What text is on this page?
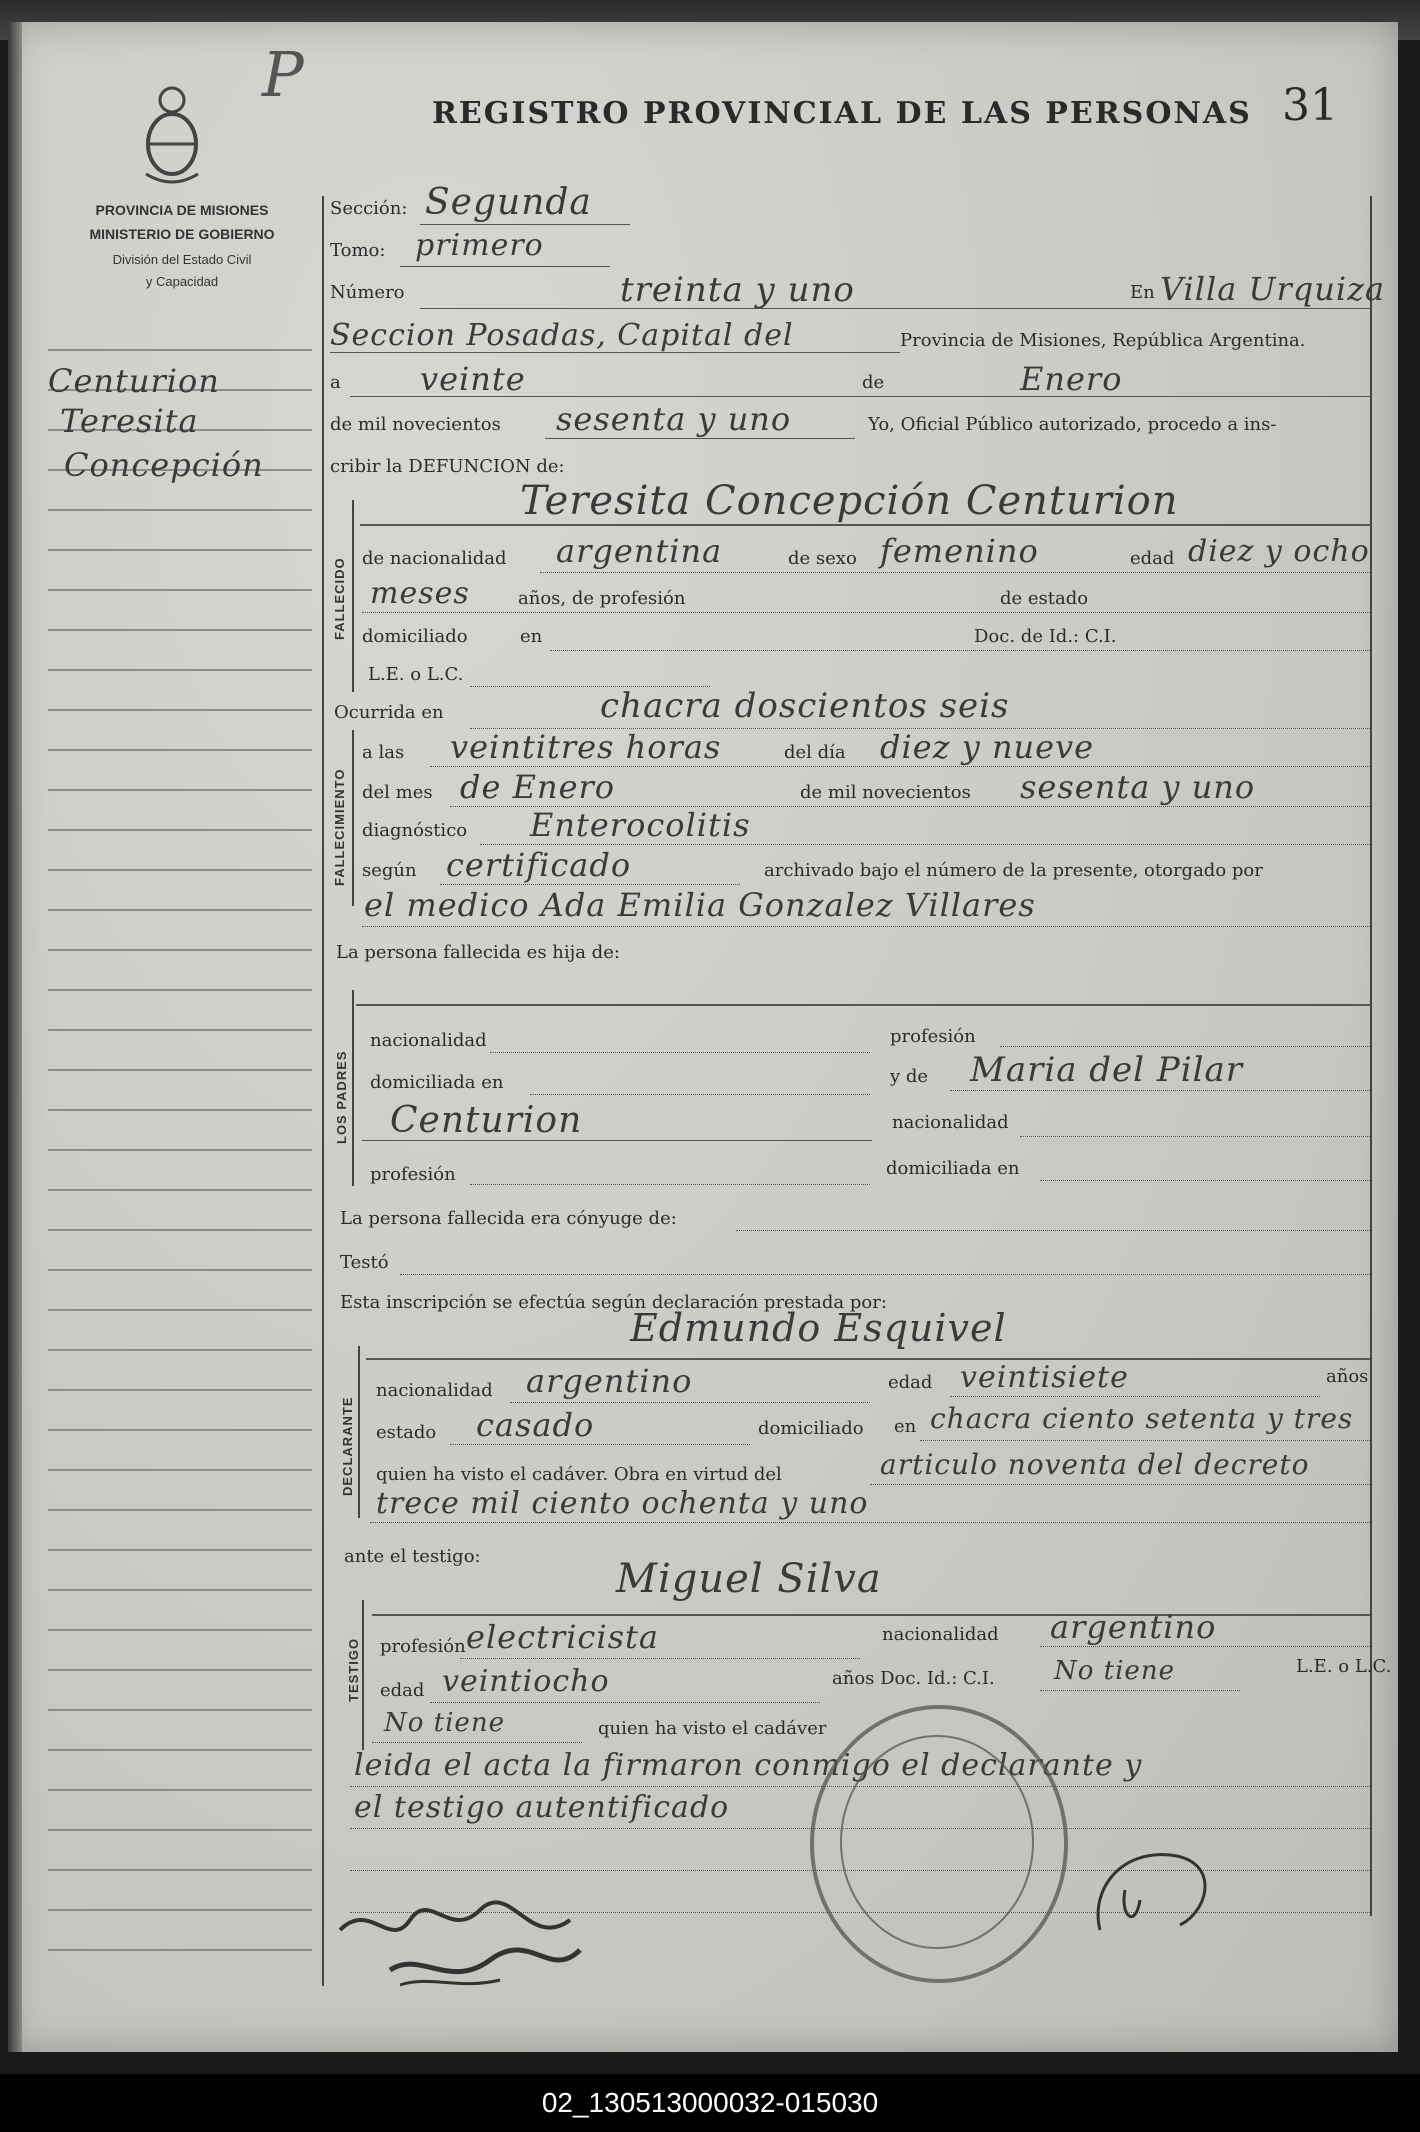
P
REGISTRO PROVINCIAL DE LAS PERSONAS 31
PROVINCIA DE MISIONES
MINISTERIO DE GOBIERNO
División del Estado Civil
y Capacidad
Centurion
Teresita
Concepción
Sección: Segunda
Tomo: primero
Número	treinta y uno	En Villa Urquiza
Seccion Posadas, Capital del	Provincia de Misiones, República Argentina.
a veinte	de	Enero
de mil novecientos sesenta y uno	Yo, Oficial Público autorizado, procedo a ins-
cribir la DEFUNCION de:
Teresita Concepción Centurion
FALLECIDO de nacionalidad argentina	de sexo femenino	edad diez y ocho
meses	años, de profesión	de estado
domiciliado	en	Doc. de Id.: C.I.
L.E. o L.C.
Ocurrida en	chacra doscientos seis
FALLECIMIENTO
a las veintitres horas	del día diez y nueve
del mes de Enero	de mil novecientos sesenta y uno
diagnóstico Enterocolitis
según certificado	archivado bajo el número de la presente, otorgado por
el medico Ada Emilia Gonzalez Villares
La persona fallecida es hija de:
LOS PADRES
nacionalidad	profesión
domiciliada en	y de Maria del Pilar
Centurion	nacionalidad
profesión	domiciliada en
La persona fallecida era cónyuge de:
Testó
Esta inscripción se efectúa según declaración prestada por:
Edmundo Esquivel
DECLARANTE
nacionalidad argentino	edad veintisiete	años
estado casado	domiciliado en chacra ciento setenta y tres
quien ha visto el cadáver. Obra en virtud del	articulo noventa del decreto
trece mil ciento ochenta y uno
ante el testigo:	Miguel Silva
TESTIGO profesión electricista	nacionalidad argentino
edad veintiocho	años Doc. Id.: C.I. No tiene	L.E. o L.C.
No tiene	quien ha visto el cadáver
leida el acta la firmaron conmigo el declarante y
el testigo autentificado
02_130513000032-015030
